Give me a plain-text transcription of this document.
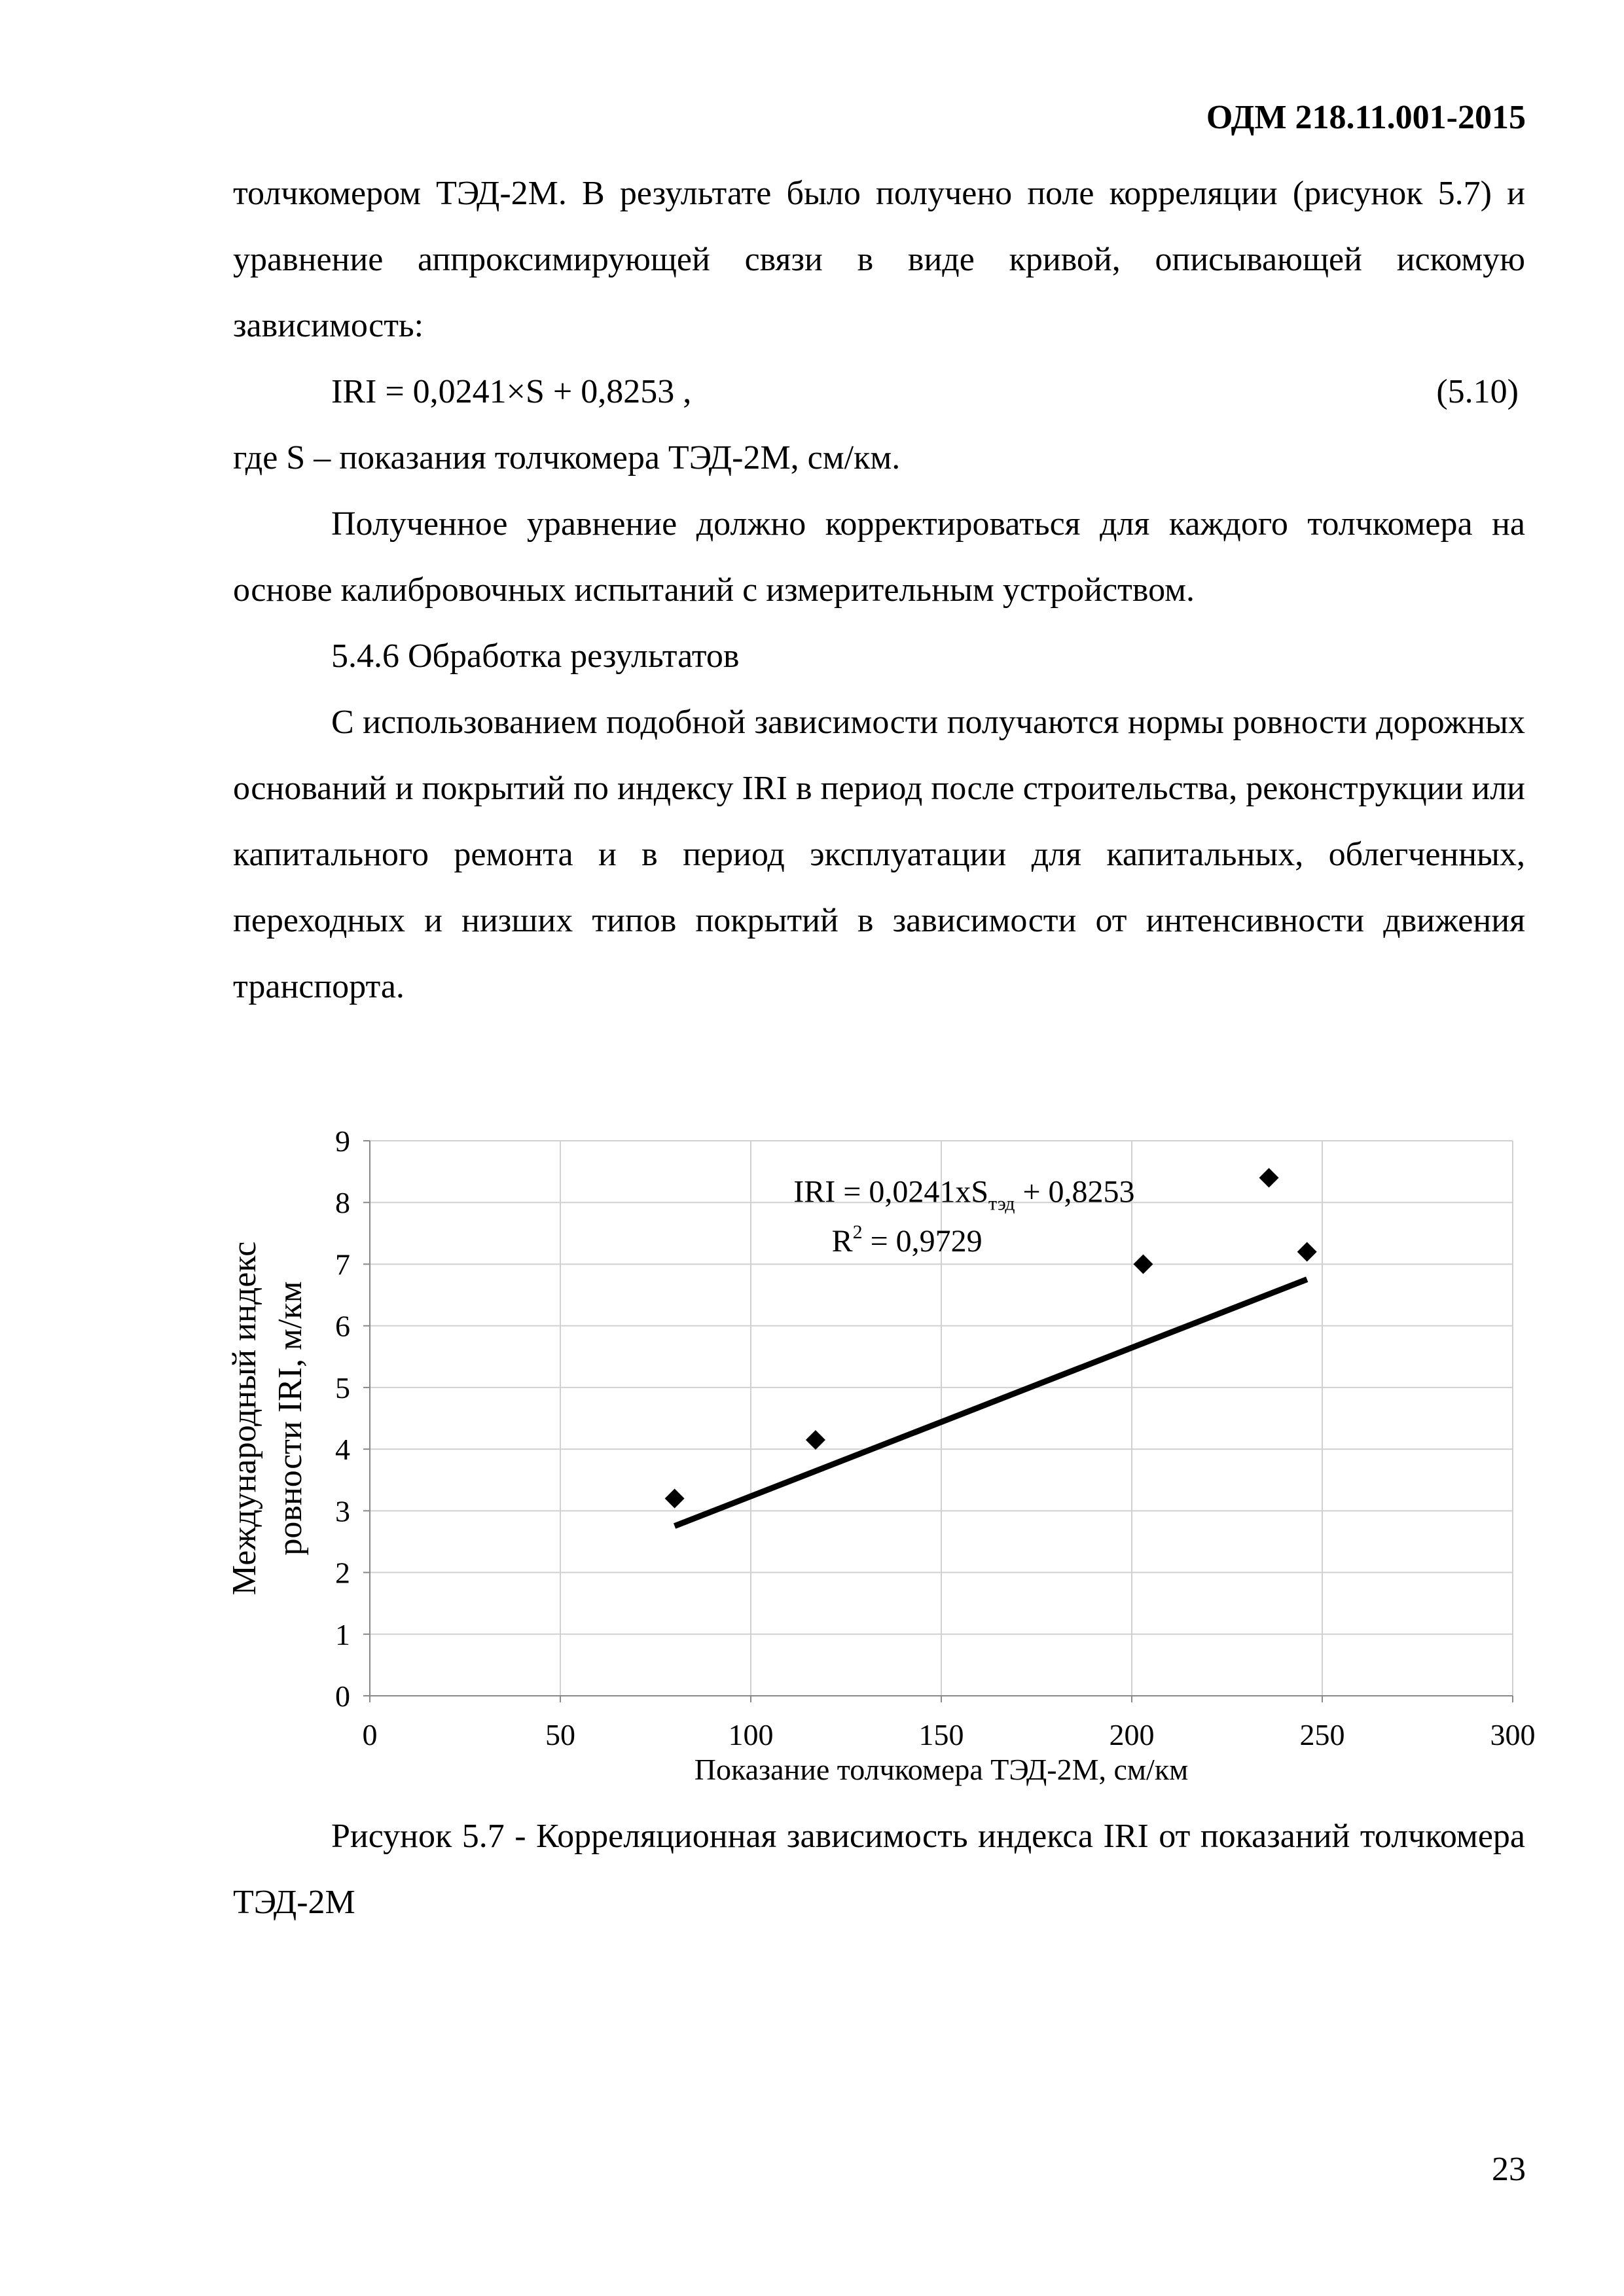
ОДМ 218.11.001-2015

толчкомером ТЭД-2М. В результате было получено поле корреляции (рисунок 5.7) и уравнение аппроксимирующей связи в виде кривой, описывающей искомую зависимость:

IRI = 0,0241×S + 0,8253 ,	(5.10)

где S – показания толчкомера ТЭД-2М, см/км.

Полученное уравнение должно корректироваться для каждого толчкомера на основе калибровочных испытаний с измерительным устройством.

5.4.6 Обработка результатов

С использованием подобной зависимости получаются нормы ровности дорожных оснований и покрытий по индексу IRI в период после строительства, реконструкции или капитального ремонта и в период эксплуатации для капитальных, облегченных, переходных и низших типов покрытий в зависимости от интенсивности движения транспорта.

0
1
2
3
4
5
6
7
8
9
0	50	100	150	200	250	300
IRI = $0,0241xS_{тэд} + 0,8253$
$R^2 = 0,9729$
Показание толчкомера ТЭД-2М, см/км
Международный индекс ровности IRI, м/км

Рисунок 5.7 - Корреляционная зависимость индекса IRI от показаний толчкомера ТЭД-2М

23
